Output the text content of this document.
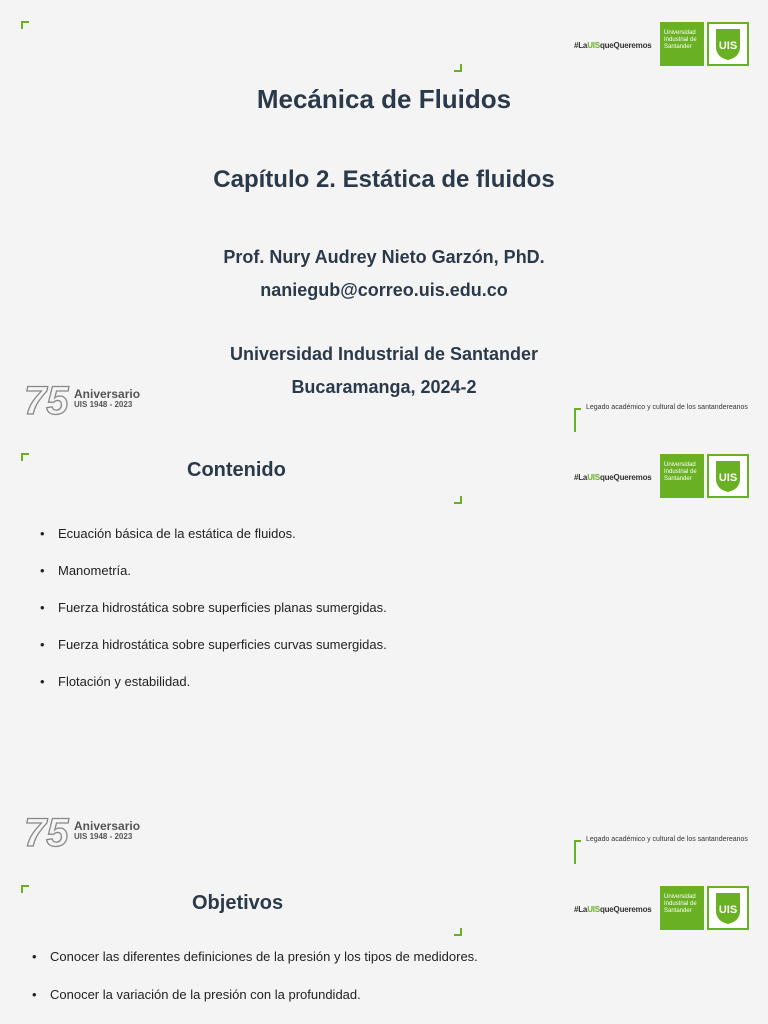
#LaUISqueQueremos
Universidad
Industrial de
Santander	UIS
Mecánica de Fluidos
Capítulo 2. Estática de fluidos
Prof. Nury Audrey Nieto Garzón, PhD.
naniegub@correo.uis.edu.co
Universidad Industrial de Santander
Bucaramanga, 2024-2
75 Aniversario
UIS 1948 - 2023	Legado académico y cultural de los santandereanos
#LaUISqueQueremos
Universidad
Industrial de
Santander	UIS
Contenido
• Ecuación básica de la estática de fluidos.
• Manometría.
• Fuerza hidrostática sobre superficies planas sumergidas.
• Fuerza hidrostática sobre superficies curvas sumergidas.
• Flotación y estabilidad.
75 Aniversario
UIS 1948 - 2023	Legado académico y cultural de los santandereanos
#LaUISqueQueremos
Universidad
Industrial de
Santander	UIS
Objetivos
• Conocer las diferentes definiciones de la presión y los tipos de medidores.
• Conocer la variación de la presión con la profundidad.
